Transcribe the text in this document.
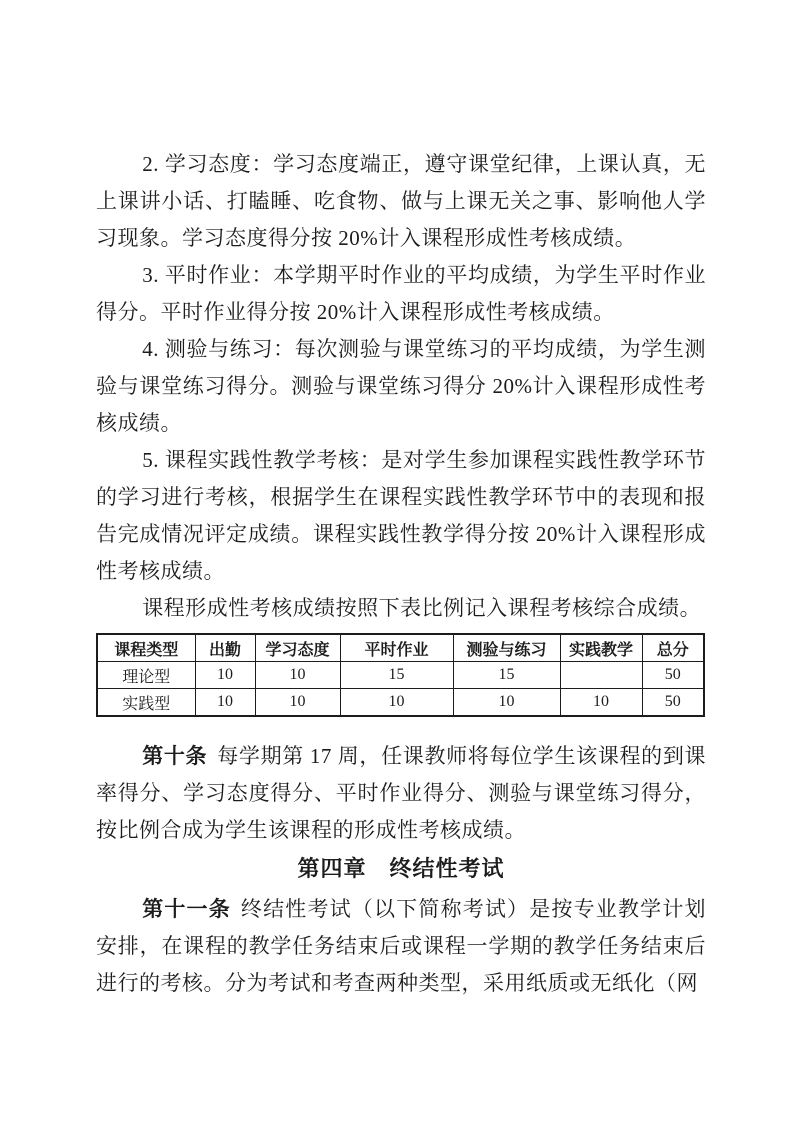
2. 学习态度：学习态度端正，遵守课堂纪律，上课认真，无上课讲小话、打瞌睡、吃食物、做与上课无关之事、影响他人学习现象。学习态度得分按 20%计入课程形成性考核成绩。

3. 平时作业：本学期平时作业的平均成绩，为学生平时作业得分。平时作业得分按 20%计入课程形成性考核成绩。

4. 测验与练习：每次测验与课堂练习的平均成绩，为学生测验与课堂练习得分。测验与课堂练习得分 20%计入课程形成性考核成绩。

5. 课程实践性教学考核：是对学生参加课程实践性教学环节的学习进行考核，根据学生在课程实践性教学环节中的表现和报告完成情况评定成绩。课程实践性教学得分按 20%计入课程形成性考核成绩。

课程形成性考核成绩按照下表比例记入课程考核综合成绩。

课程类型	出勤	学习态度	平时作业	测验与练习	实践教学	总分
理论型	10	10	15	15		50
实践型	10	10	10	10	10	50

第十条 每学期第 17 周，任课教师将每位学生该课程的到课率得分、学习态度得分、平时作业得分、测验与课堂练习得分，按比例合成为学生该课程的形成性考核成绩。

第四章　终结性考试

第十一条 终结性考试（以下简称考试）是按专业教学计划安排，在课程的教学任务结束后或课程一学期的教学任务结束后进行的考核。分为考试和考查两种类型，采用纸质或无纸化（网
